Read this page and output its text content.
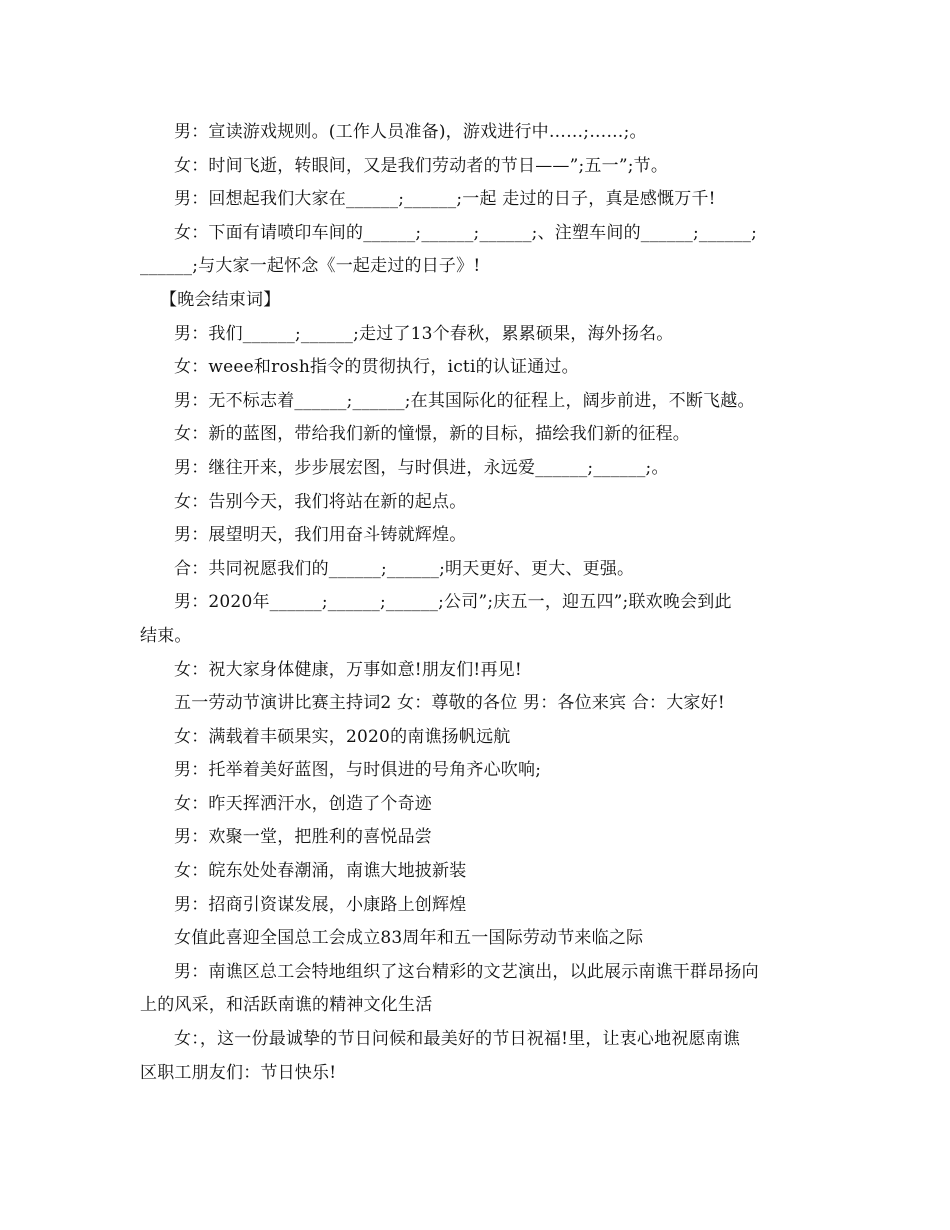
男：宣读游戏规则。(工作人员准备)，游戏进行中……;……;。
女：时间飞逝，转眼间，又是我们劳动者的节日——”;五一”;节。
男：回想起我们大家在______;______;一起 走过的日子，真是感慨万千!
女：下面有请喷印车间的______;______;______;、注塑车间的______;______;
______;与大家一起怀念《一起走过的日子》!
【晚会结束词】
男：我们______;______;走过了13个春秋，累累硕果，海外扬名。
女：weee和rosh指令的贯彻执行，icti的认证通过。
男：无不标志着______;______;在其国际化的征程上，阔步前进，不断飞越。
女：新的蓝图，带给我们新的憧憬，新的目标，描绘我们新的征程。
男：继往开来，步步展宏图，与时俱进，永远爱______;______;。
女：告别今天，我们将站在新的起点。
男：展望明天，我们用奋斗铸就辉煌。
合：共同祝愿我们的______;______;明天更好、更大、更强。
男：2020年______;______;______;公司”;庆五一，迎五四”;联欢晚会到此
结束。
女：祝大家身体健康，万事如意!朋友们!再见!
五一劳动节演讲比赛主持词2 女：尊敬的各位 男：各位来宾 合：大家好!
女：满载着丰硕果实，2020的南谯扬帆远航
男：托举着美好蓝图，与时俱进的号角齐心吹响;
女：昨天挥洒汗水，创造了个奇迹
男：欢聚一堂，把胜利的喜悦品尝
女：皖东处处春潮涌，南谯大地披新装
男：招商引资谋发展，小康路上创辉煌
女值此喜迎全国总工会成立83周年和五一国际劳动节来临之际
男：南谯区总工会特地组织了这台精彩的文艺演出，以此展示南谯干群昂扬向
上的风采，和活跃南谯的精神文化生活
女：，这一份最诚挚的节日问候和最美好的节日祝福!里，让衷心地祝愿南谯
区职工朋友们：节日快乐!
